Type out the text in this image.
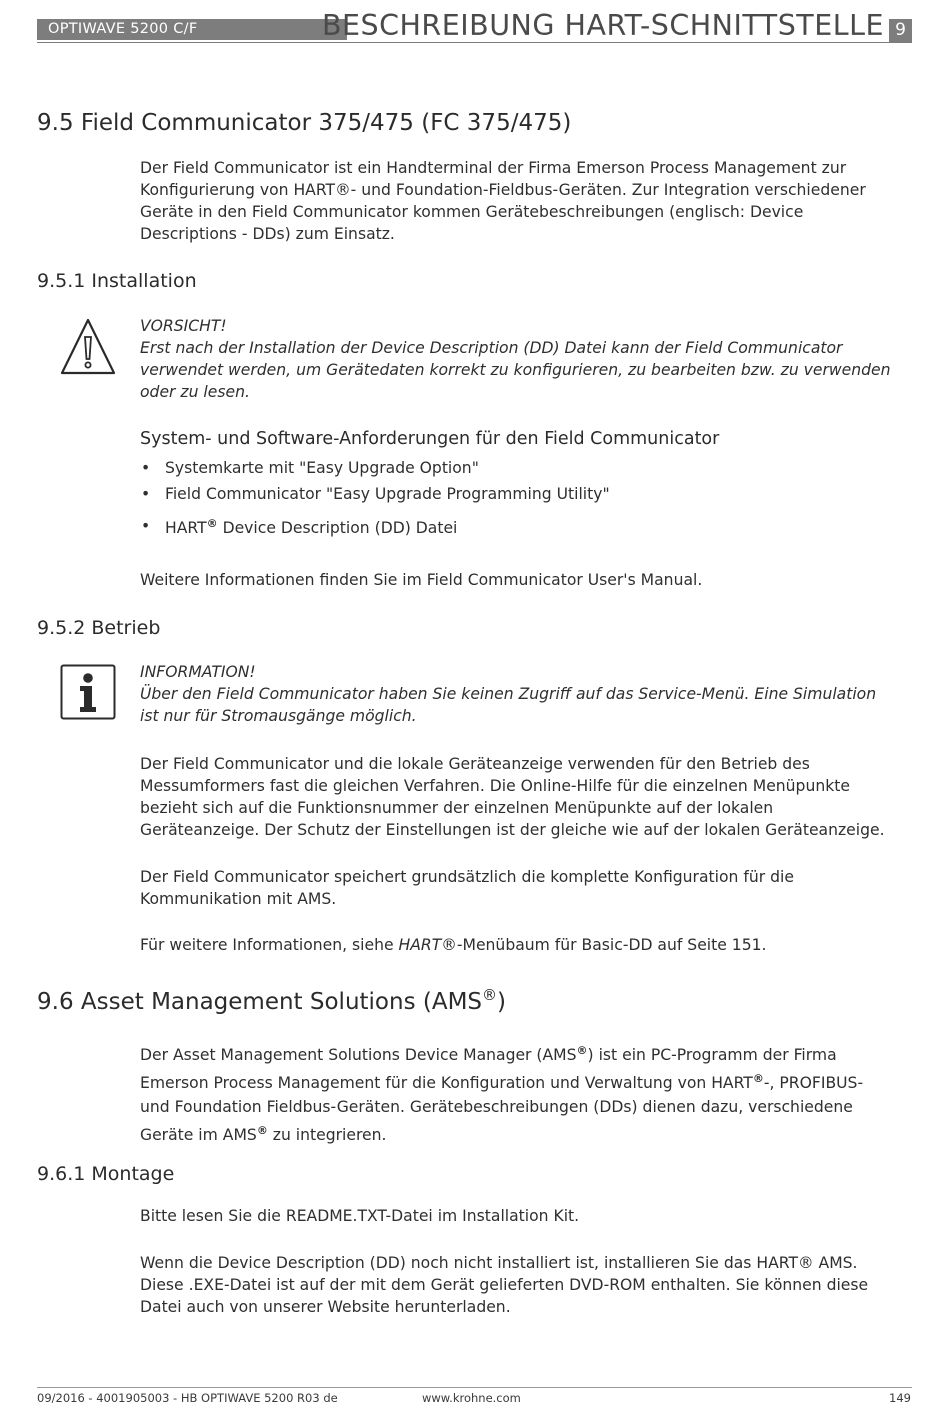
OPTIWAVE 5200 C/F	BESCHREIBUNG HART-SCHNITTSTELLE 9
9.5 Field Communicator 375/475 (FC 375/475)

Der Field Communicator ist ein Handterminal der Firma Emerson Process Management zur
Konfigurierung von HART®- und Foundation-Fieldbus-Geräten. Zur Integration verschiedener
Geräte in den Field Communicator kommen Gerätebeschreibungen (englisch: Device
Descriptions - DDs) zum Einsatz.

9.5.1 Installation

VORSICHT!
Erst nach der Installation der Device Description (DD) Datei kann der Field Communicator
verwendet werden, um Gerätedaten korrekt zu konfigurieren, zu bearbeiten bzw. zu verwenden
oder zu lesen.

System- und Software-Anforderungen für den Field Communicator
• Systemkarte mit "Easy Upgrade Option"
• Field Communicator "Easy Upgrade Programming Utility"
• HART® Device Description (DD) Datei

Weitere Informationen finden Sie im Field Communicator User's Manual.

9.5.2 Betrieb

INFORMATION!
Über den Field Communicator haben Sie keinen Zugriff auf das Service-Menü. Eine Simulation
ist nur für Stromausgänge möglich.

Der Field Communicator und die lokale Geräteanzeige verwenden für den Betrieb des
Messumformers fast die gleichen Verfahren. Die Online-Hilfe für die einzelnen Menüpunkte
bezieht sich auf die Funktionsnummer der einzelnen Menüpunkte auf der lokalen
Geräteanzeige. Der Schutz der Einstellungen ist der gleiche wie auf der lokalen Geräteanzeige.

Der Field Communicator speichert grundsätzlich die komplette Konfiguration für die
Kommunikation mit AMS.

Für weitere Informationen, siehe HART®-Menübaum für Basic-DD auf Seite 151.

9.6 Asset Management Solutions (AMS®)

Der Asset Management Solutions Device Manager (AMS®) ist ein PC-Programm der Firma
Emerson Process Management für die Konfiguration und Verwaltung von HART®-, PROFIBUS-
und Foundation Fieldbus-Geräten. Gerätebeschreibungen (DDs) dienen dazu, verschiedene
Geräte im AMS® zu integrieren.

9.6.1 Montage

Bitte lesen Sie die README.TXT-Datei im Installation Kit.

Wenn die Device Description (DD) noch nicht installiert ist, installieren Sie das HART® AMS.
Diese .EXE-Datei ist auf der mit dem Gerät gelieferten DVD-ROM enthalten. Sie können diese
Datei auch von unserer Website herunterladen.

09/2016 - 4001905003 - HB OPTIWAVE 5200 R03 de	www.krohne.com	149
